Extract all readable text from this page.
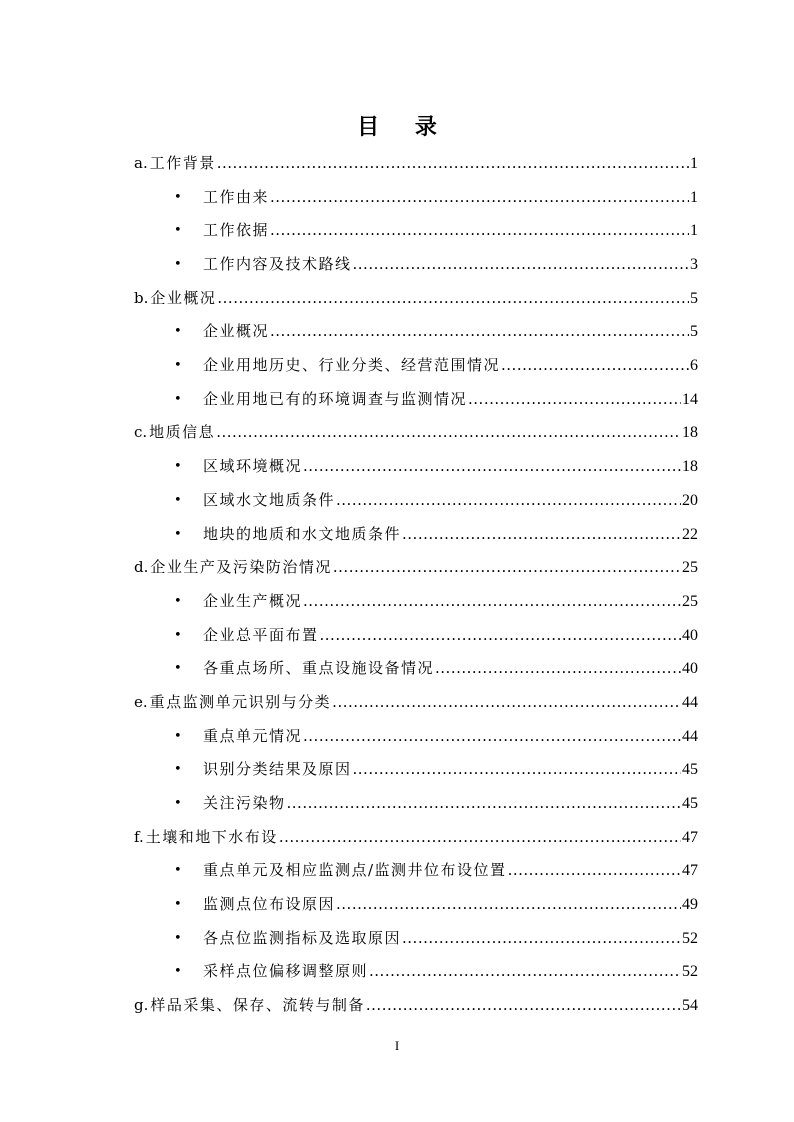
目 录
a. 工作背景 .....	1
•	工作由来 .....	1
•	工作依据 .....	1
•	工作内容及技术路线 .....	3
b. 企业概况 .....	5
•	企业概况 .....	5
•	企业用地历史、行业分类、经营范围情况 .....	6
•	企业用地已有的环境调查与监测情况 .....	14
c. 地质信息 .....	18
•	区域环境概况 .....	18
•	区域水文地质条件 .....	20
•	地块的地质和水文地质条件 .....	22
d. 企业生产及污染防治情况 .....	25
•	企业生产概况 .....	25
•	企业总平面布置 .....	40
•	各重点场所、重点设施设备情况 .....	40
e. 重点监测单元识别与分类 .....	44
•	重点单元情况 .....	44
•	识别分类结果及原因 .....	45
•	关注污染物 .....	45
f. 土壤和地下水布设 .....	47
•	重点单元及相应监测点/监测井位布设位置 .....	47
•	监测点位布设原因 .....	49
•	各点位监测指标及选取原因 .....	52
•	采样点位偏移调整原则 .....	52
g. 样品采集、保存、流转与制备 .....	54
I
